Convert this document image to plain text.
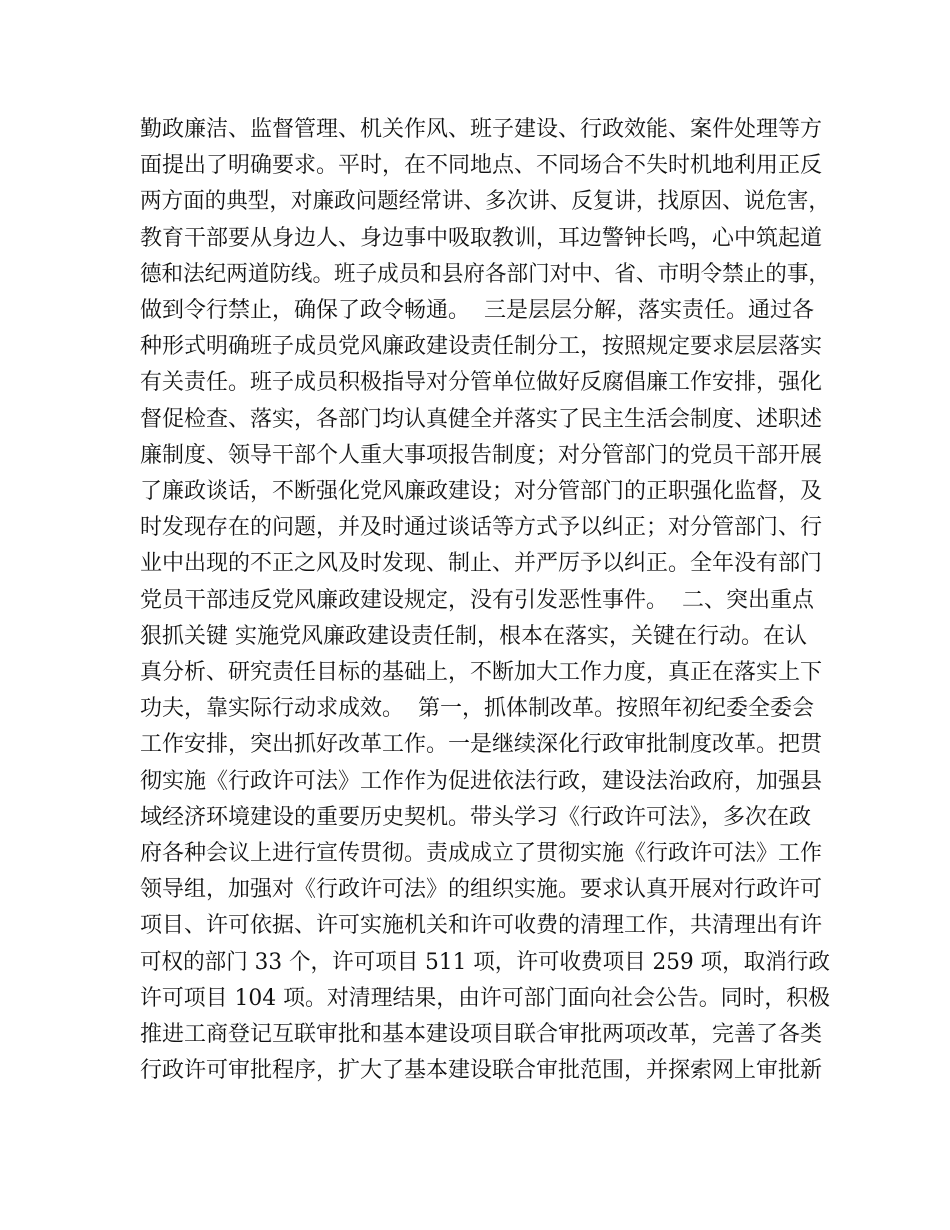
勤政廉洁、监督管理、机关作风、班子建设、行政效能、案件处理等方
面提出了明确要求。平时，在不同地点、不同场合不失时机地利用正反
两方面的典型，对廉政问题经常讲、多次讲、反复讲，找原因、说危害，
教育干部要从身边人、身边事中吸取教训，耳边警钟长鸣，心中筑起道
德和法纪两道防线。班子成员和县府各部门对中、省、市明令禁止的事，
做到令行禁止，确保了政令畅通。  三是层层分解，落实责任。通过各
种形式明确班子成员党风廉政建设责任制分工，按照规定要求层层落实
有关责任。班子成员积极指导对分管单位做好反腐倡廉工作安排，强化
督促检查、落实，各部门均认真健全并落实了民主生活会制度、述职述
廉制度、领导干部个人重大事项报告制度；对分管部门的党员干部开展
了廉政谈话，不断强化党风廉政建设；对分管部门的正职强化监督，及
时发现存在的问题，并及时通过谈话等方式予以纠正；对分管部门、行
业中出现的不正之风及时发现、制止、并严厉予以纠正。全年没有部门
党员干部违反党风廉政建设规定，没有引发恶性事件。  二、突出重点
狠抓关键 实施党风廉政建设责任制，根本在落实，关键在行动。在认
真分析、研究责任目标的基础上，不断加大工作力度，真正在落实上下
功夫，靠实际行动求成效。  第一，抓体制改革。按照年初纪委全委会
工作安排，突出抓好改革工作。一是继续深化行政审批制度改革。把贯
彻实施《行政许可法》工作作为促进依法行政，建设法治政府，加强县
域经济环境建设的重要历史契机。带头学习《行政许可法》，多次在政
府各种会议上进行宣传贯彻。责成成立了贯彻实施《行政许可法》工作
领导组，加强对《行政许可法》的组织实施。要求认真开展对行政许可
项目、许可依据、许可实施机关和许可收费的清理工作，共清理出有许
可权的部门 33 个，许可项目 511 项，许可收费项目 259 项，取消行政
许可项目 104 项。对清理结果，由许可部门面向社会公告。同时，积极
推进工商登记互联审批和基本建设项目联合审批两项改革，完善了各类
行政许可审批程序，扩大了基本建设联合审批范围，并探索网上审批新
